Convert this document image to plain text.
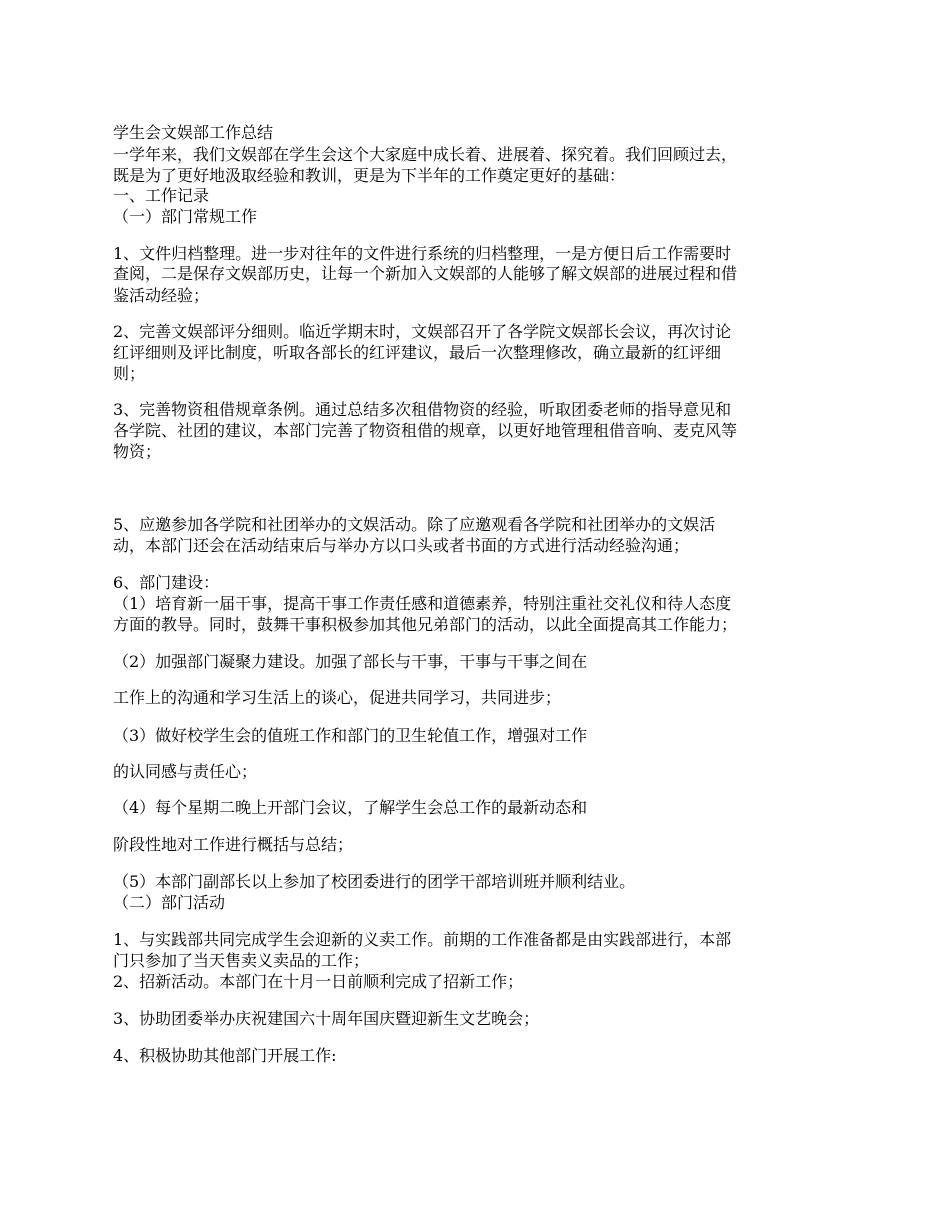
学生会文娱部工作总结
一学年来，我们文娱部在学生会这个大家庭中成长着、进展着、探究着。我们回顾过去，
既是为了更好地汲取经验和教训，更是为下半年的工作奠定更好的基础：
一、工作记录
（一）部门常规工作
1、文件归档整理。进一步对往年的文件进行系统的归档整理，一是方便日后工作需要时
查阅，二是保存文娱部历史，让每一个新加入文娱部的人能够了解文娱部的进展过程和借
鉴活动经验；
2、完善文娱部评分细则。临近学期末时，文娱部召开了各学院文娱部长会议，再次讨论
红评细则及评比制度，听取各部长的红评建议，最后一次整理修改，确立最新的红评细
则；
3、完善物资租借规章条例。通过总结多次租借物资的经验，听取团委老师的指导意见和
各学院、社团的建议，本部门完善了物资租借的规章，以更好地管理租借音响、麦克风等
物资；
5、应邀参加各学院和社团举办的文娱活动。除了应邀观看各学院和社团举办的文娱活
动，本部门还会在活动结束后与举办方以口头或者书面的方式进行活动经验沟通；
6、部门建设：
（1）培育新一届干事，提高干事工作责任感和道德素养，特别注重社交礼仪和待人态度
方面的教导。同时，鼓舞干事积极参加其他兄弟部门的活动，以此全面提高其工作能力；
（2）加强部门凝聚力建设。加强了部长与干事，干事与干事之间在
工作上的沟通和学习生活上的谈心，促进共同学习，共同进步；
（3）做好校学生会的值班工作和部门的卫生轮值工作，增强对工作
的认同感与责任心；
（4）每个星期二晚上开部门会议，了解学生会总工作的最新动态和
阶段性地对工作进行概括与总结；
（5）本部门副部长以上参加了校团委进行的团学干部培训班并顺利结业。
（二）部门活动
1、与实践部共同完成学生会迎新的义卖工作。前期的工作准备都是由实践部进行，本部
门只参加了当天售卖义卖品的工作；
2、招新活动。本部门在十月一日前顺利完成了招新工作；
3、协助团委举办庆祝建国六十周年国庆暨迎新生文艺晚会；
4、积极协助其他部门开展工作:
